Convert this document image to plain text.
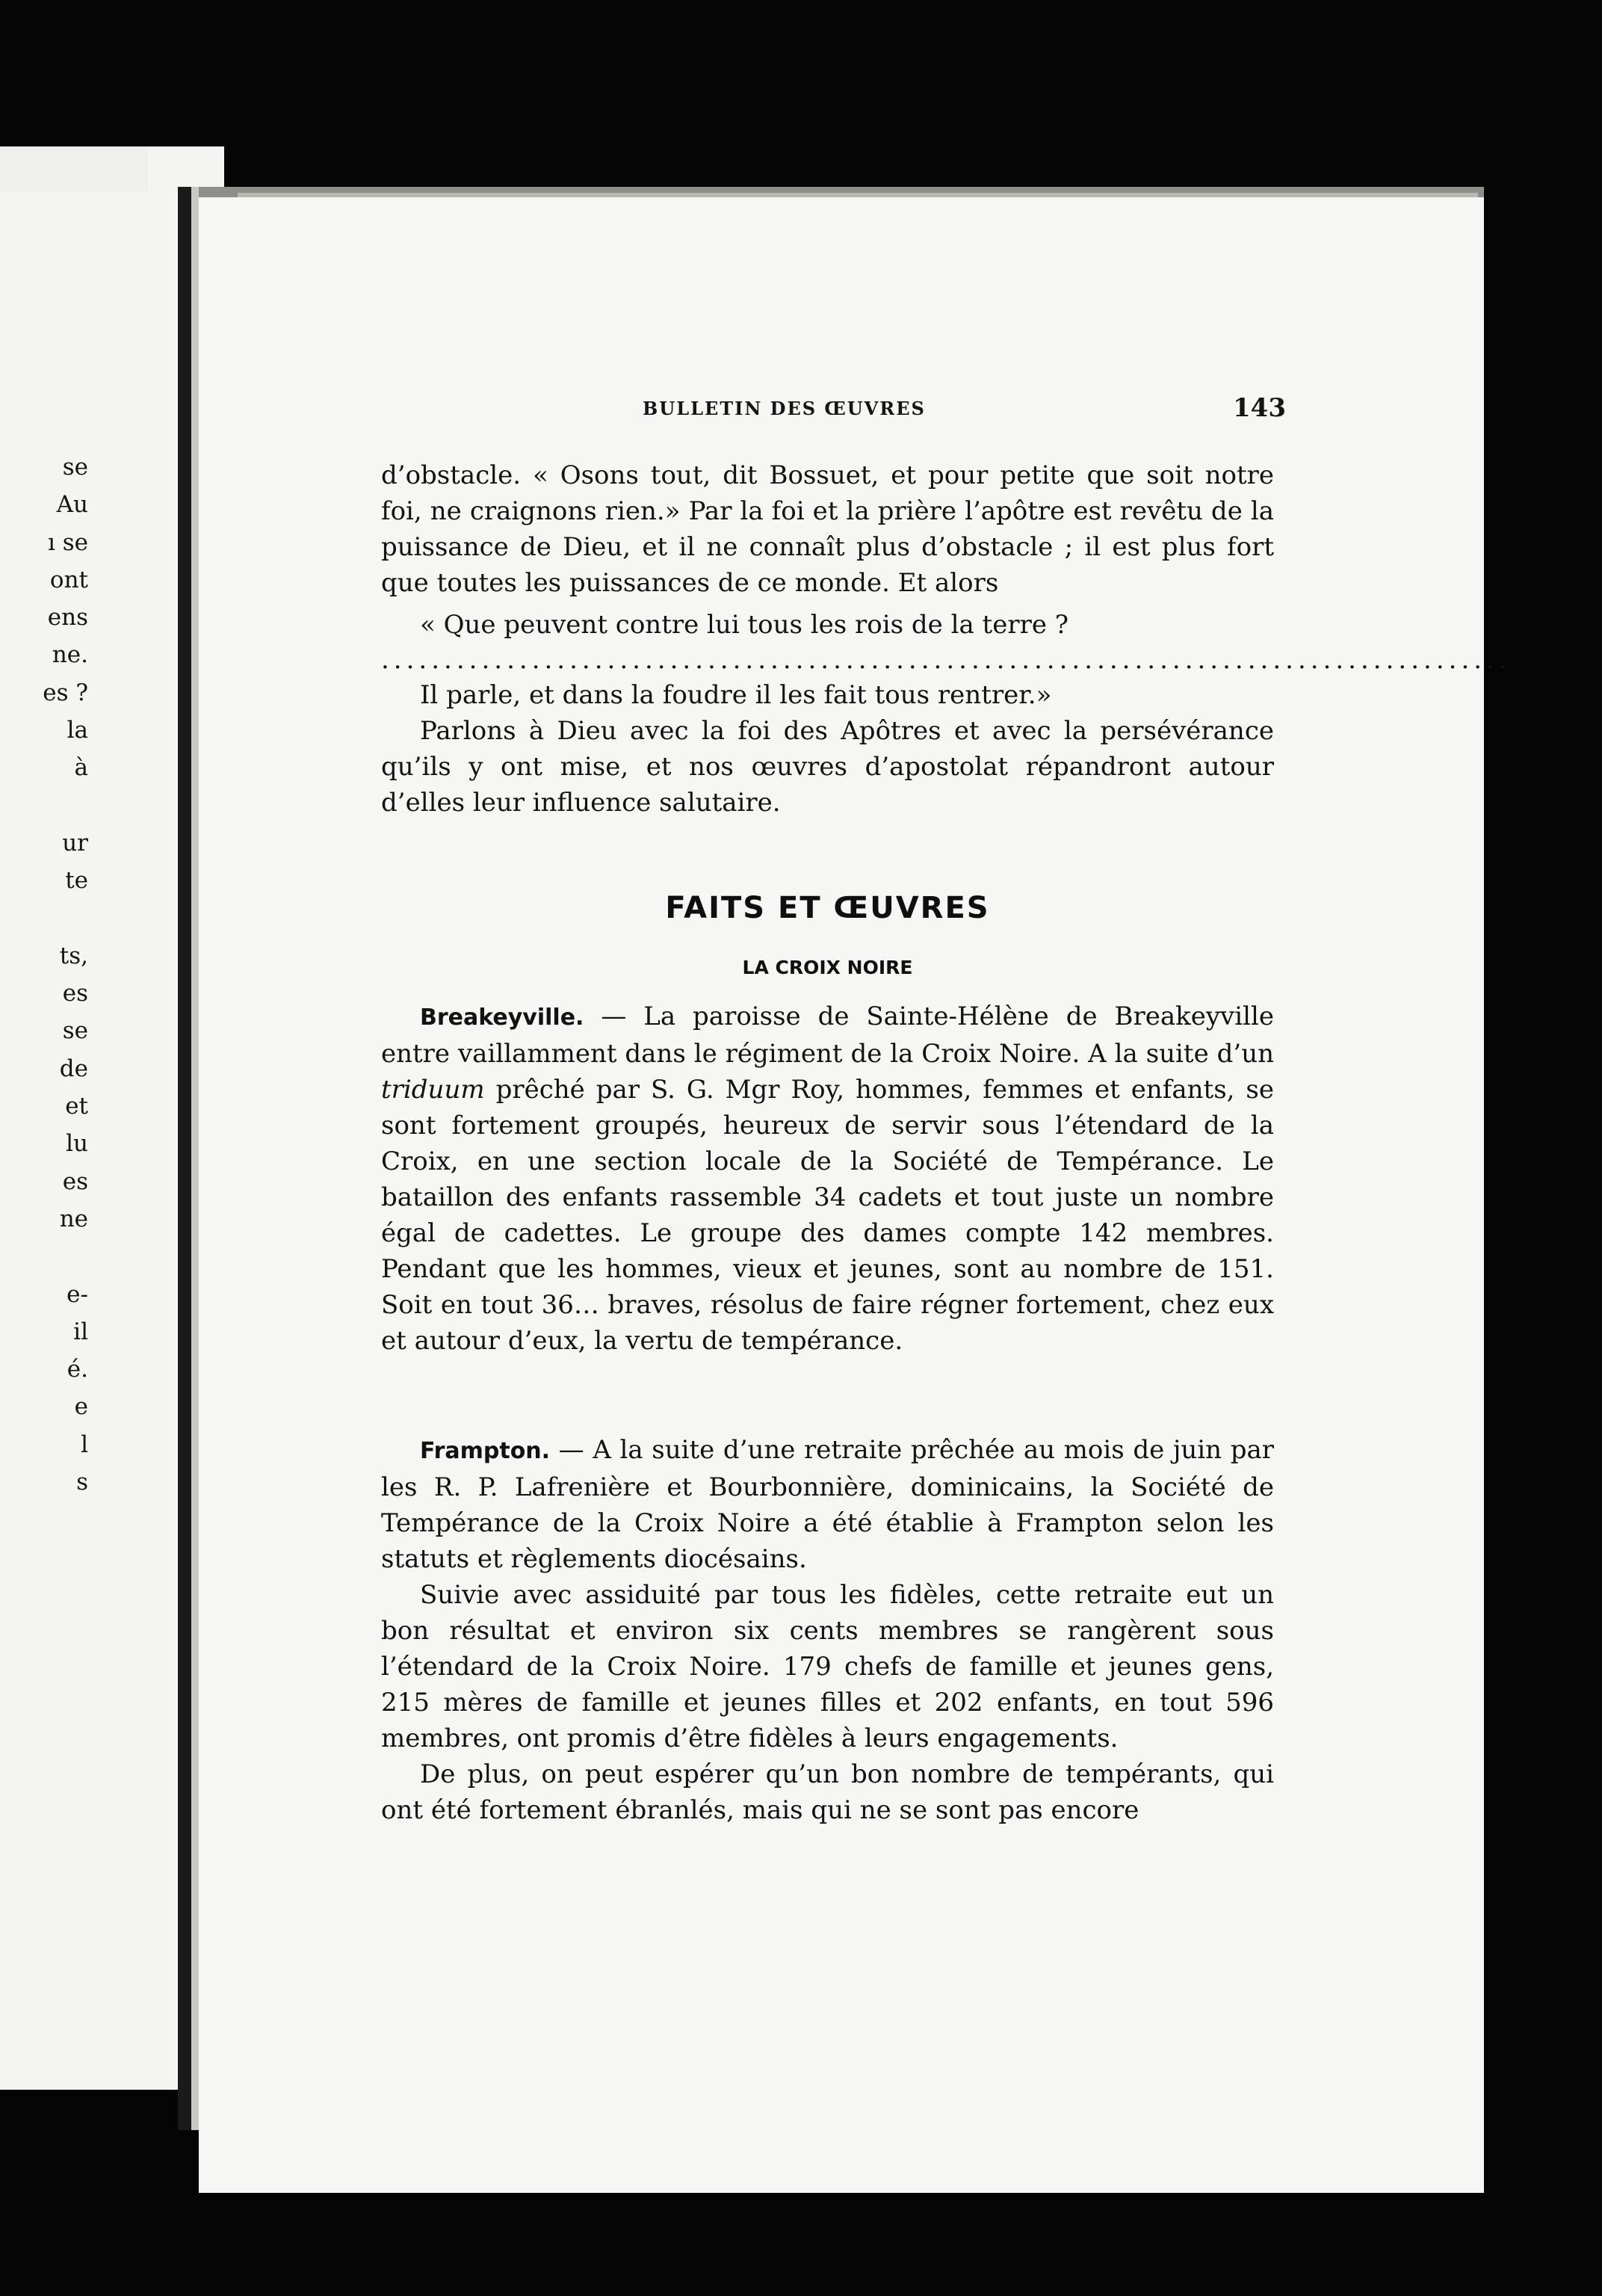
se
Au
ı se
ont
ens
ne.
es ?
la
à

ur
te

ts,
es
se
de
et
lu
es
ne

e-
il
é.
e
l
s
BULLETIN DES ŒUVRES	143

d’obstacle. « Osons tout, dit Bossuet, et pour petite que soit notre foi, ne craignons rien.» Par la foi et la prière l’apôtre est revêtu de la puissance de Dieu, et il ne connaît plus d’obstacle ; il est plus fort que toutes les puissances de ce monde. Et alors

« Que peuvent contre lui tous les rois de la terre ?

..........................................................................................

Il parle, et dans la foudre il les fait tous rentrer.»

Parlons à Dieu avec la foi des Apôtres et avec la persévérance qu’ils y ont mise, et nos œuvres d’apostolat répandront autour d’elles leur influence salutaire.

FAITS ET ŒUVRES
LA CROIX NOIRE

Breakeyville. — La paroisse de Sainte-Hélène de Breakeyville entre vaillamment dans le régiment de la Croix Noire. A la suite d’un triduum prêché par S. G. Mgr Roy, hommes, femmes et enfants, se sont fortement groupés, heureux de servir sous l’étendard de la Croix, en une section locale de la Société de Tempérance. Le bataillon des enfants rassemble 34 cadets et tout juste un nombre égal de cadettes. Le groupe des dames compte 142 membres. Pendant que les hommes, vieux et jeunes, sont au nombre de 151. Soit en tout 36… braves, résolus de faire régner fortement, chez eux et autour d’eux, la vertu de tempérance.

Frampton. — A la suite d’une retraite prêchée au mois de juin par les R. P. Lafrenière et Bourbonnière, dominicains, la Société de Tempérance de la Croix Noire a été établie à Frampton selon les statuts et règlements diocésains.

Suivie avec assiduité par tous les fidèles, cette retraite eut un bon résultat et environ six cents membres se rangèrent sous l’étendard de la Croix Noire. 179 chefs de famille et jeunes gens, 215 mères de famille et jeunes filles et 202 enfants, en tout 596 membres, ont promis d’être fidèles à leurs engagements.

De plus, on peut espérer qu’un bon nombre de tempérants, qui ont été fortement ébranlés, mais qui ne se sont pas encore
